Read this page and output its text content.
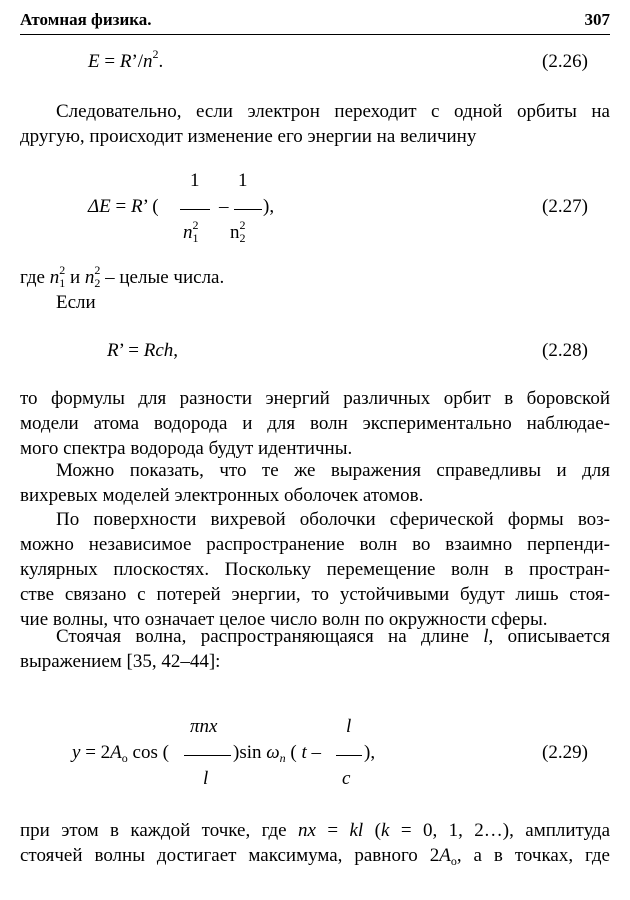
Атомная физика.	307
$E = R’/n^2$.	(2.26)
Следовательно, если электрон переходит с одной орбиты на
другую, происходит изменение его энергии на величину
1 1
ΔE = R’ (	– ),
$n_1^2$ $n_2^2$
(2.27)
где $n_1^2$ и $n_2^2$ – целые числа.
Если
R’ = Rch,	(2.28)
то формулы для разности энергий различных орбит в боровской
модели атома водорода и для волн экспериментально наблюдае-
мого спектра водорода будут идентичны.
Можно показать, что те же выражения справедливы и для
вихревых моделей электронных оболочек атомов.
По поверхности вихревой оболочки сферической формы воз-
можно независимое распространение волн во взаимно перпенди-
кулярных плоскостях. Поскольку перемещение волн в простран-
стве связано с потерей энергии, то устойчивыми будут лишь стоя-
чие волны, что означает целое число волн по окружности сферы.
Стоячая волна, распространяющаяся на длине l, описывается
выражением [35, 42–44]:
πnx	l
$y = 2A_o$ cos (	)sin $\omega_n$ ( t – ),
l	c
(2.29)
при этом в каждой точке, где nx = kl (k = 0, 1, 2…), амплитуда
стоячей волны достигает максимума, равного $2A_o$, а в точках, где
